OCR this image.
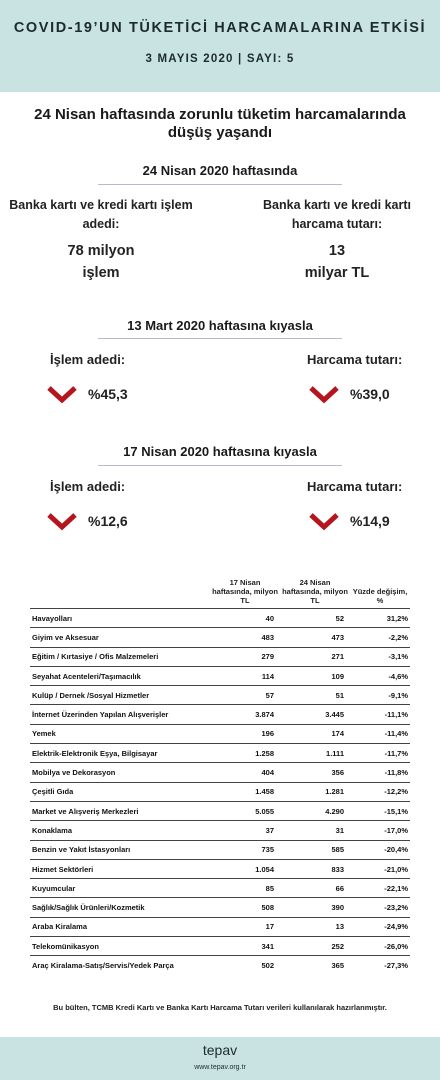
COVID-19’UN TÜKETİCİ HARCAMALARINA ETKİSİ
3 MAYIS 2020 | SAYI: 5
24 Nisan haftasında zorunlu tüketim harcamalarında düşüş yaşandı
24 Nisan 2020 haftasında
Banka kartı ve kredi kartı işlem adedi:
Banka kartı ve kredi kartı harcama tutarı:
78 milyon
işlem
13
milyar TL
13 Mart 2020 haftasına kıyasla
İşlem adedi:	Harcama tutarı:
%45,3	%39,0
17 Nisan 2020 haftasına kıyasla
İşlem adedi:	Harcama tutarı:
%12,6	%14,9
	17 Nisan haftasında, milyon TL	24 Nisan haftasında, milyon TL	Yüzde değişim, %
Havayolları	40	52	31,2%
Giyim ve Aksesuar	483	473	-2,2%
Eğitim / Kırtasiye / Ofis Malzemeleri	279	271	-3,1%
Seyahat Acenteleri/Taşımacılık	114	109	-4,6%
Kulüp / Dernek /Sosyal Hizmetler	57	51	-9,1%
İnternet Üzerinden Yapılan Alışverişler	3.874	3.445	-11,1%
Yemek	196	174	-11,4%
Elektrik-Elektronik Eşya, Bilgisayar	1.258	1.111	-11,7%
Mobilya ve Dekorasyon	404	356	-11,8%
Çeşitli Gıda	1.458	1.281	-12,2%
Market ve Alışveriş Merkezleri	5.055	4.290	-15,1%
Konaklama	37	31	-17,0%
Benzin ve Yakıt İstasyonları	735	585	-20,4%
Hizmet Sektörleri	1.054	833	-21,0%
Kuyumcular	85	66	-22,1%
Sağlık/Sağlık Ürünleri/Kozmetik	508	390	-23,2%
Araba Kiralama	17	13	-24,9%
Telekomünikasyon	341	252	-26,0%
Araç Kiralama-Satış/Servis/Yedek Parça	502	365	-27,3%
Bu bülten, TCMB Kredi Kartı ve Banka Kartı Harcama Tutarı verileri kullanılarak hazırlanmıştır.
tepav
www.tepav.org.tr
